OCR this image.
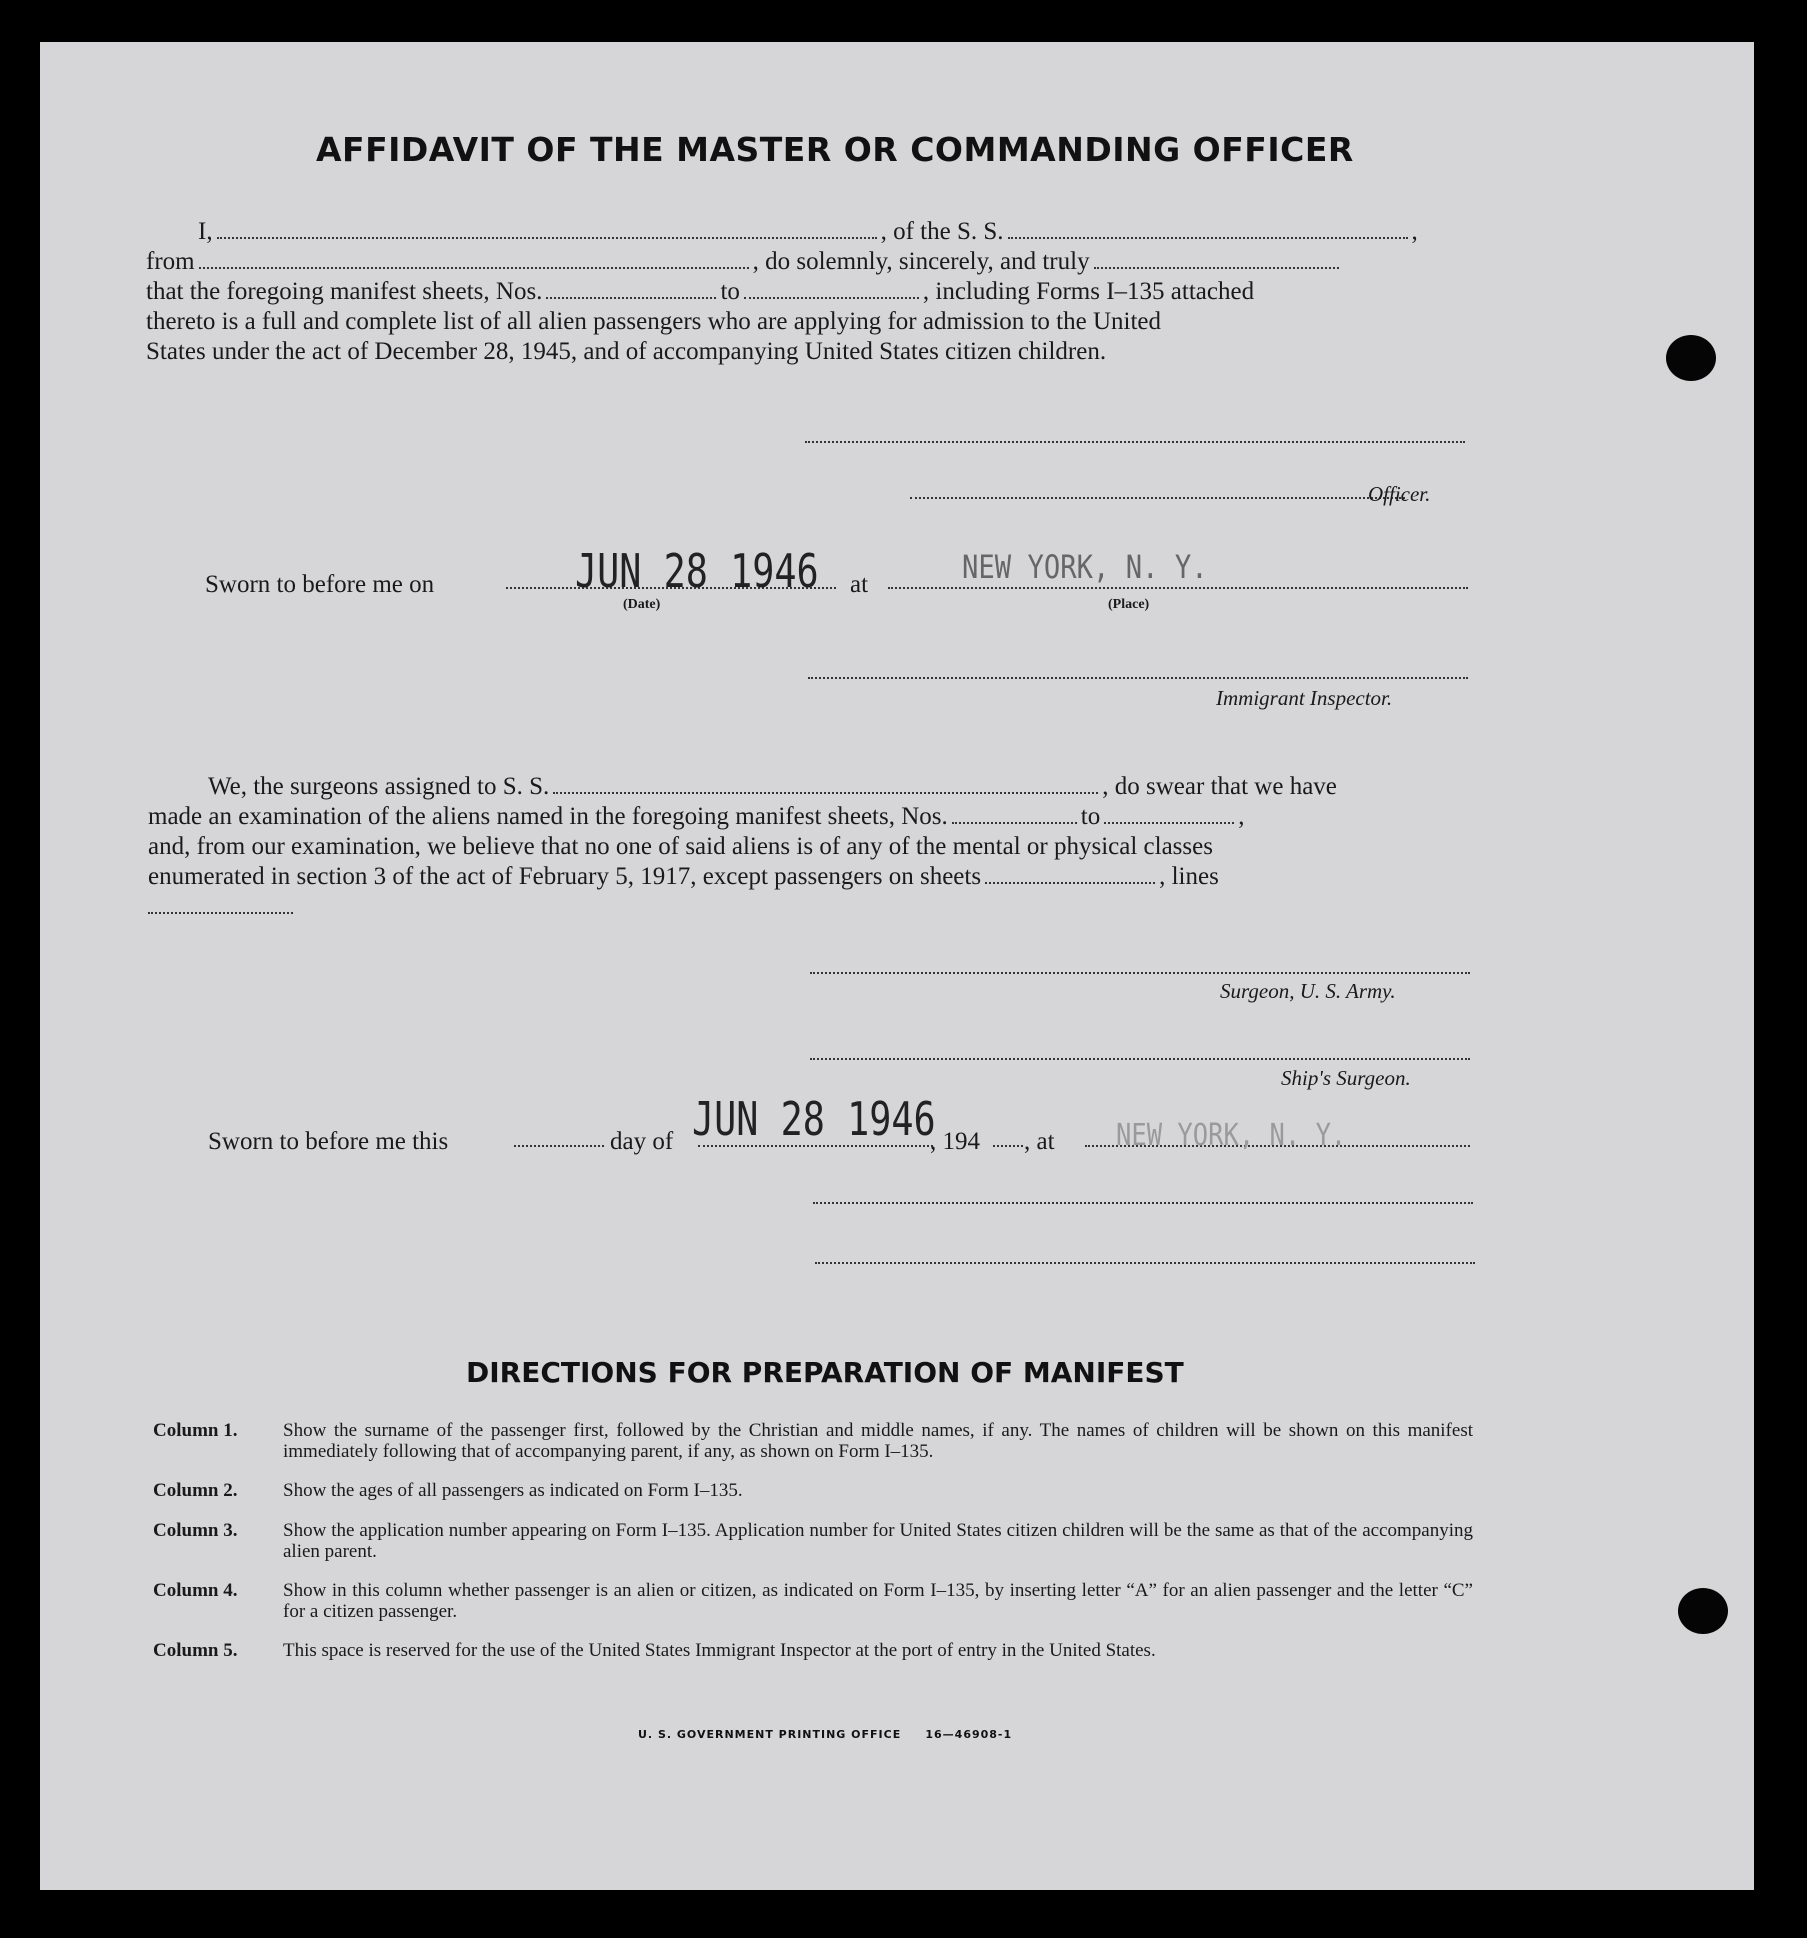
AFFIDAVIT OF THE MASTER OR COMMANDING OFFICER
I,	, of the S. S.	,
from	, do solemnly, sincerely, and truly
that the foregoing manifest sheets, Nos.	to	, including Forms I–135 attached
thereto is a full and complete list of all alien passengers who are applying for admission to the United
States under the act of December 28, 1945, and of accompanying United States citizen children.
Officer.
Sworn to before me on	JUN 28 1946 at	NEW YORK, N. Y.
(Date)	(Place)
Immigrant Inspector.
We, the surgeons assigned to S. S.	, do swear that we have
made an examination of the aliens named in the foregoing manifest sheets, Nos.	to	,
and, from our examination, we believe that no one of said aliens is of any of the mental or physical classes
enumerated in section 3 of the act of February 5, 1917, except passengers on sheets	, lines
Surgeon, U. S. Army.
Ship's Surgeon.
Sworn to before me this	day of JUN 28 1946
, 194 , at NEW YORK, N. Y.
DIRECTIONS FOR PREPARATION OF MANIFEST
Column 1.	Show the surname of the passenger first, followed by the Christian and middle names, if any. The names of children will be shown on this manifest immediately following that of accompanying parent, if any, as shown on Form I–135.
Column 2.	Show the ages of all passengers as indicated on Form I–135.
Column 3.	Show the application number appearing on Form I–135. Application number for United States citizen children will be the same as that of the accompanying alien parent.
Column 4.	Show in this column whether passenger is an alien or citizen, as indicated on Form I–135, by inserting letter “A” for an alien passenger and the letter “C” for a citizen passenger.
Column 5.	This space is reserved for the use of the United States Immigrant Inspector at the port of entry in the United States.
U. S. GOVERNMENT PRINTING OFFICE     16—46908-1
